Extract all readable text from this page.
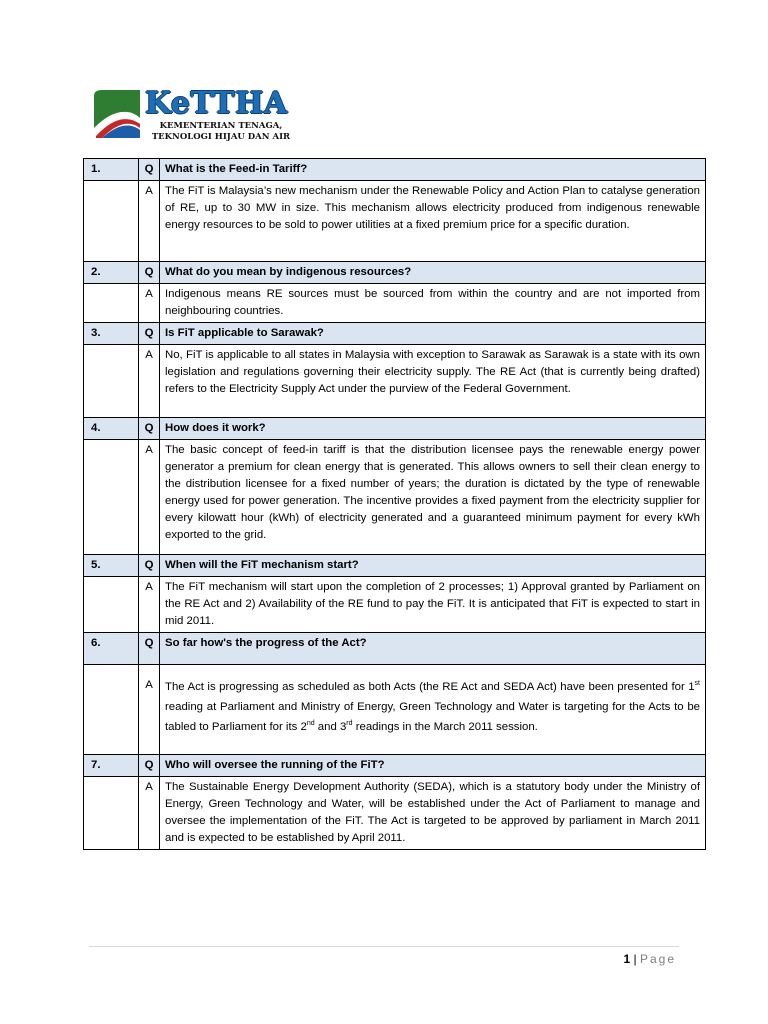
KeTTHA
KEMENTERIAN TENAGA,
TEKNOLOGI HIJAU DAN AIR
1.	Q	What is the Feed-in Tariff?
	A	The FiT is Malaysia’s new mechanism under the Renewable Policy and Action Plan to catalyse generation of RE, up to 30 MW in size. This mechanism allows electricity produced from indigenous renewable energy resources to be sold to power utilities at a fixed premium price for a specific duration.
2.	Q	What do you mean by indigenous resources?
	A	Indigenous means RE sources must be sourced from within the country and are not imported from neighbouring countries.
3.	Q	Is FiT applicable to Sarawak?
	A	No, FiT is applicable to all states in Malaysia with exception to Sarawak as Sarawak is a state with its own legislation and regulations governing their electricity supply. The RE Act (that is currently being drafted) refers to the Electricity Supply Act under the purview of the Federal Government.
4.	Q	How does it work?
	A	The basic concept of feed-in tariff is that the distribution licensee pays the renewable energy power generator a premium for clean energy that is generated. This allows owners to sell their clean energy to the distribution licensee for a fixed number of years; the duration is dictated by the type of renewable energy used for power generation. The incentive provides a fixed payment from the electricity supplier for every kilowatt hour (kWh) of electricity generated and a guaranteed minimum payment for every kWh exported to the grid.
5.	Q	When will the FiT mechanism start?
	A	The FiT mechanism will start upon the completion of 2 processes; 1) Approval granted by Parliament on the RE Act and 2) Availability of the RE fund to pay the FiT. It is anticipated that FiT is expected to start in mid 2011.
6.	Q	So far how's the progress of the Act?
	A	The Act is progressing as scheduled as both Acts (the RE Act and SEDA Act) have been presented for 1st reading at Parliament and Ministry of Energy, Green Technology and Water is targeting for the Acts to be tabled to Parliament for its 2nd and 3rd readings in the March 2011 session.
7.	Q	Who will oversee the running of the FiT?
	A	The Sustainable Energy Development Authority (SEDA), which is a statutory body under the Ministry of Energy, Green Technology and Water, will be established under the Act of Parliament to manage and oversee the implementation of the FiT. The Act is targeted to be approved by parliament in March 2011 and is expected to be established by April 2011.
1 | Page
